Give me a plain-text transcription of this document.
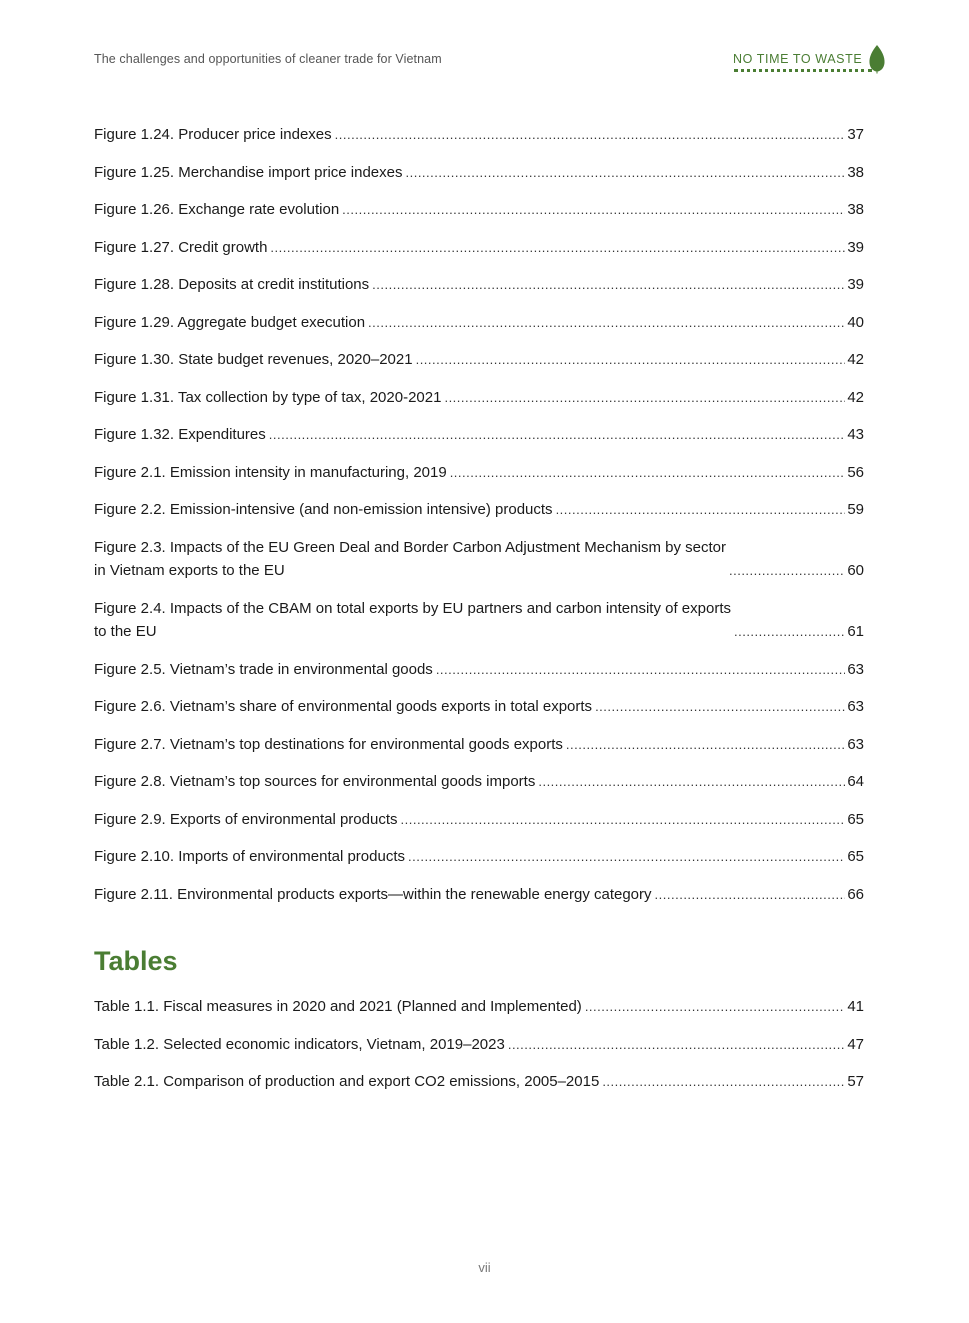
The challenges and opportunities of cleaner trade for Vietnam	NO TIME TO WASTE
Figure 1.24. Producer price indexes .....	37
Figure 1.25. Merchandise import price indexes .....	38
Figure 1.26. Exchange rate evolution .....	38
Figure 1.27. Credit growth .....	39
Figure 1.28. Deposits at credit institutions .....	39
Figure 1.29. Aggregate budget execution .....	40
Figure 1.30. State budget revenues, 2020–2021 .....	42
Figure 1.31. Tax collection by type of tax, 2020-2021 .....	42
Figure 1.32. Expenditures .....	43
Figure 2.1. Emission intensity in manufacturing, 2019 .....	56
Figure 2.2. Emission-intensive (and non-emission intensive) products .....	59
Figure 2.3. Impacts of the EU Green Deal and Border Carbon Adjustment Mechanism by sector
in Vietnam exports to the EU .....	60
Figure 2.4. Impacts of the CBAM on total exports by EU partners and carbon intensity of exports
to the EU .....	61
Figure 2.5. Vietnam’s trade in environmental goods .....	63
Figure 2.6. Vietnam’s share of environmental goods exports in total exports .....	63
Figure 2.7. Vietnam’s top destinations for environmental goods exports .....	63
Figure 2.8. Vietnam’s top sources for environmental goods imports .....	64
Figure 2.9. Exports of environmental products .....	65
Figure 2.10. Imports of environmental products .....	65
Figure 2.11. Environmental products exports—within the renewable energy category .....	66
Tables
Table 1.1. Fiscal measures in 2020 and 2021 (Planned and Implemented) .....	41
Table 1.2. Selected economic indicators, Vietnam, 2019–2023 .....	47
Table 2.1. Comparison of production and export CO2 emissions, 2005–2015 .....	57
vii
